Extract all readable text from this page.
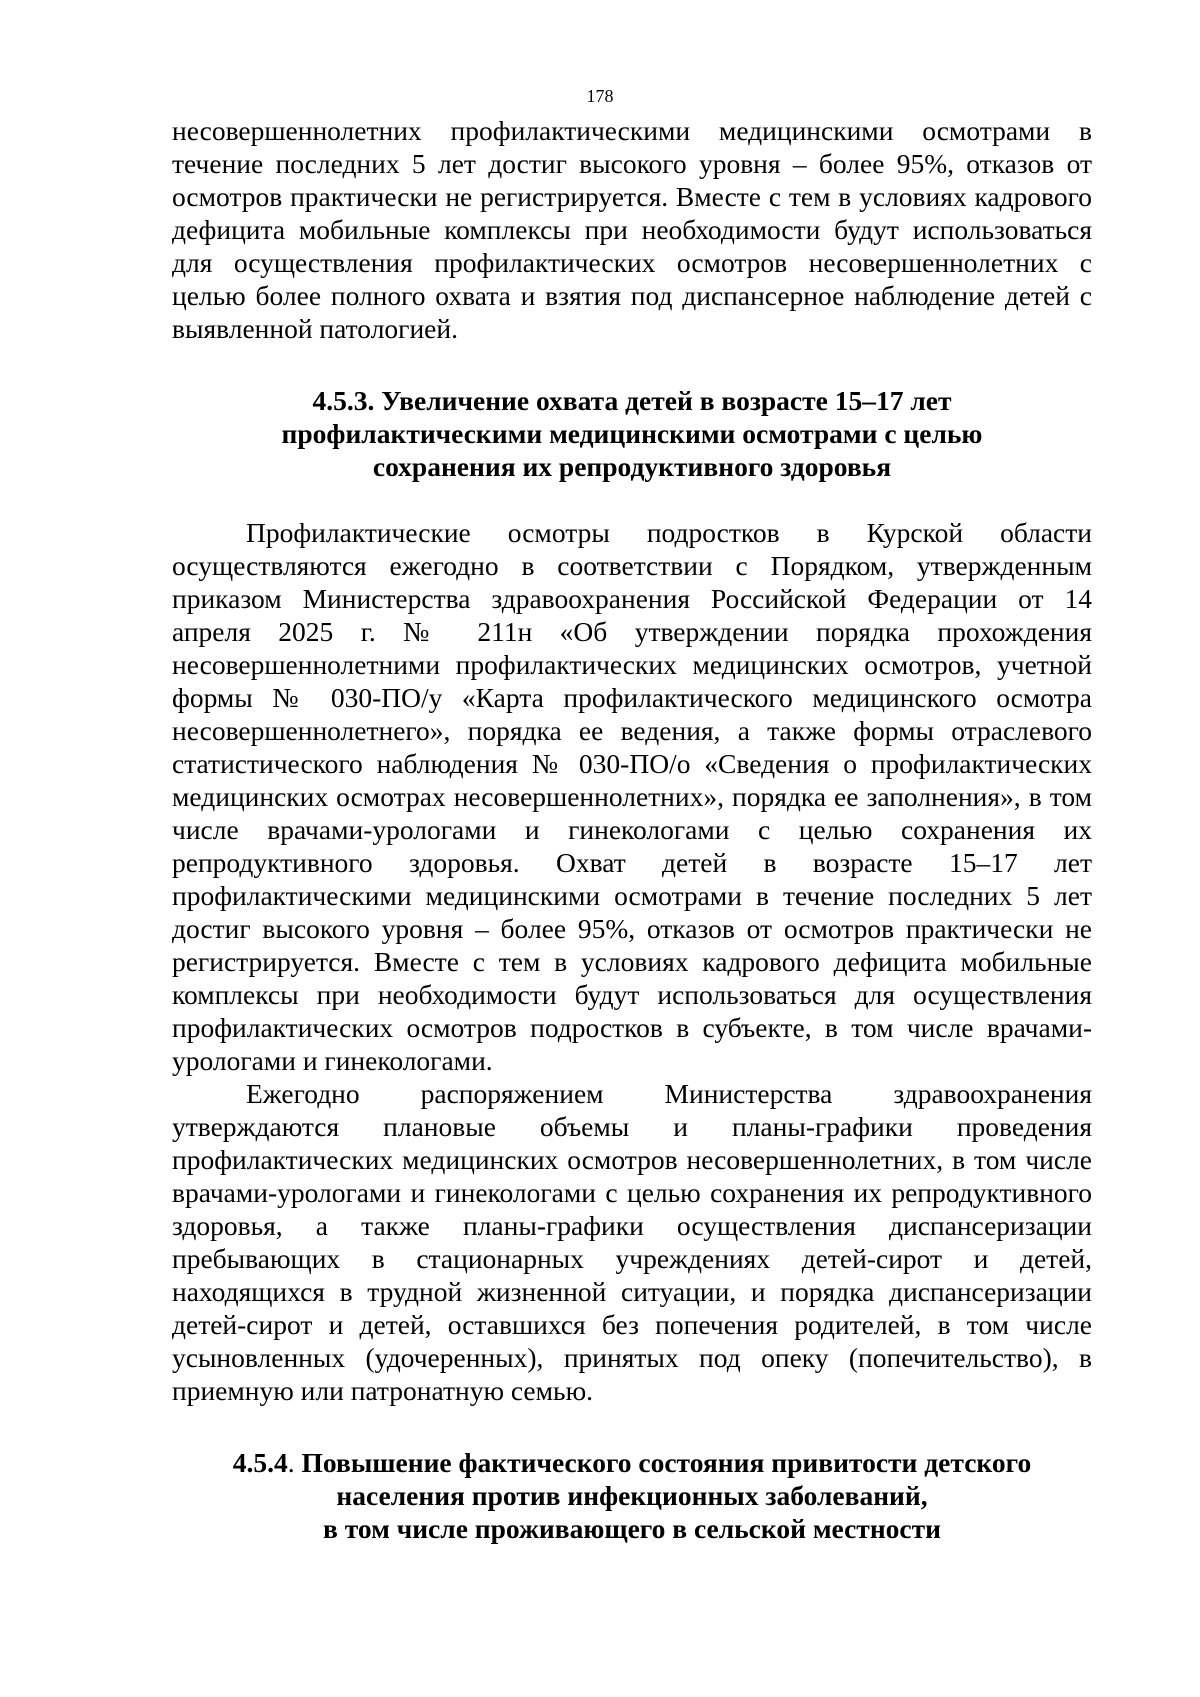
178

несовершеннолетних профилактическими медицинскими осмотрами в течение последних 5 лет достиг высокого уровня – более 95%, отказов от осмотров практически не регистрируется. Вместе с тем в условиях кадрового дефицита мобильные комплексы при необходимости будут использоваться для осуществления профилактических осмотров несовершеннолетних с целью более полного охвата и взятия под диспансерное наблюдение детей с выявленной патологией.

4.5.3. Увеличение охвата детей в возрасте 15–17 лет
профилактическими медицинскими осмотрами с целью
сохранения их репродуктивного здоровья

Профилактические осмотры подростков в Курской области осуществляются ежегодно в соответствии с Порядком, утвержденным приказом Министерства здравоохранения Российской Федерации от 14 апреля 2025 г. № 211н «Об утверждении порядка прохождения несовершеннолетними профилактических медицинских осмотров, учетной формы № 030-ПО/у «Карта профилактического медицинского осмотра несовершеннолетнего», порядка ее ведения, а также формы отраслевого статистического наблюдения № 030-ПО/о «Сведения о профилактических медицинских осмотрах несовершеннолетних», порядка ее заполнения», в том числе врачами-урологами и гинекологами с целью сохранения их репродуктивного здоровья. Охват детей в возрасте 15–17 лет профилактическими медицинскими осмотрами в течение последних 5 лет достиг высокого уровня – более 95%, отказов от осмотров практически не регистрируется. Вместе с тем в условиях кадрового дефицита мобильные комплексы при необходимости будут использоваться для осуществления профилактических осмотров подростков в субъекте, в том числе врачами-урологами и гинекологами.

Ежегодно распоряжением Министерства здравоохранения утверждаются плановые объемы и планы-графики проведения профилактических медицинских осмотров несовершеннолетних, в том числе врачами-урологами и гинекологами с целью сохранения их репродуктивного здоровья, а также планы-графики осуществления диспансеризации пребывающих в стационарных учреждениях детей-сирот и детей, находящихся в трудной жизненной ситуации, и порядка диспансеризации детей-сирот и детей, оставшихся без попечения родителей, в том числе усыновленных (удочеренных), принятых под опеку (попечительство), в приемную или патронатную семью.

4.5.4. Повышение фактического состояния привитости детского
населения против инфекционных заболеваний,
в том числе проживающего в сельской местности
